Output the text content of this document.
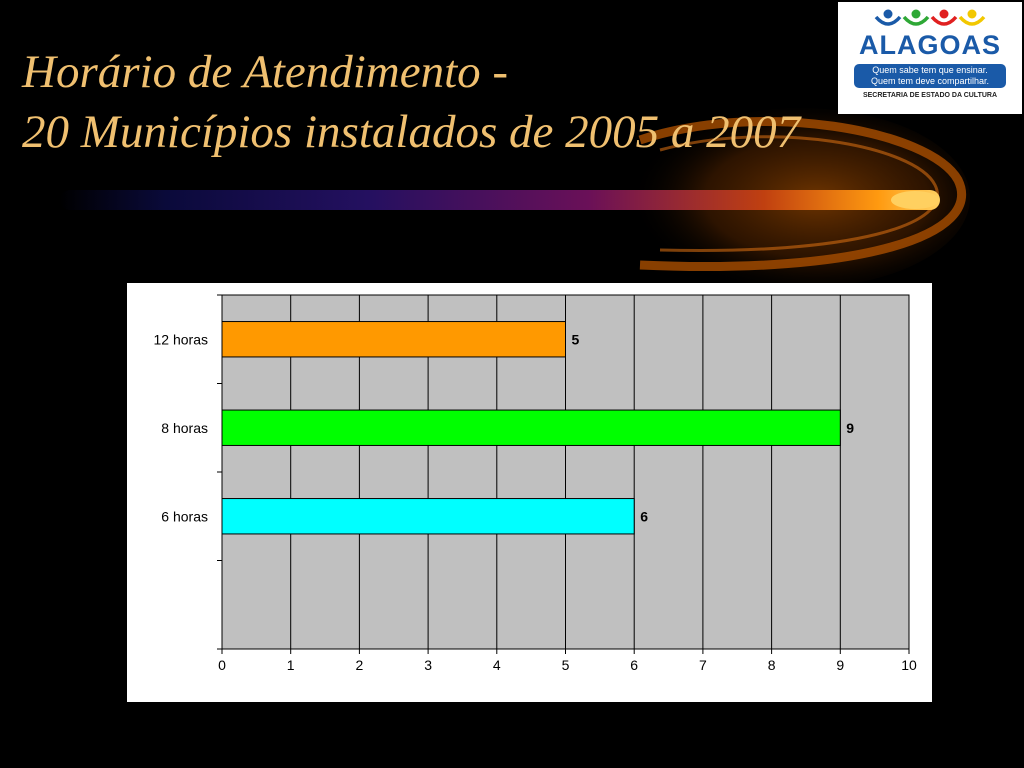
Horário de Atendimento -
20 Municípios instalados de 2005 a 2007
ALAGOAS
Quem sabe tem que ensinar.
Quem tem deve compartilhar.
SECRETARIA DE ESTADO DA CULTURA
0	1	2	3	4	5	6	7	8	9	10
12 horas	5
8 horas	9
6 horas	6
